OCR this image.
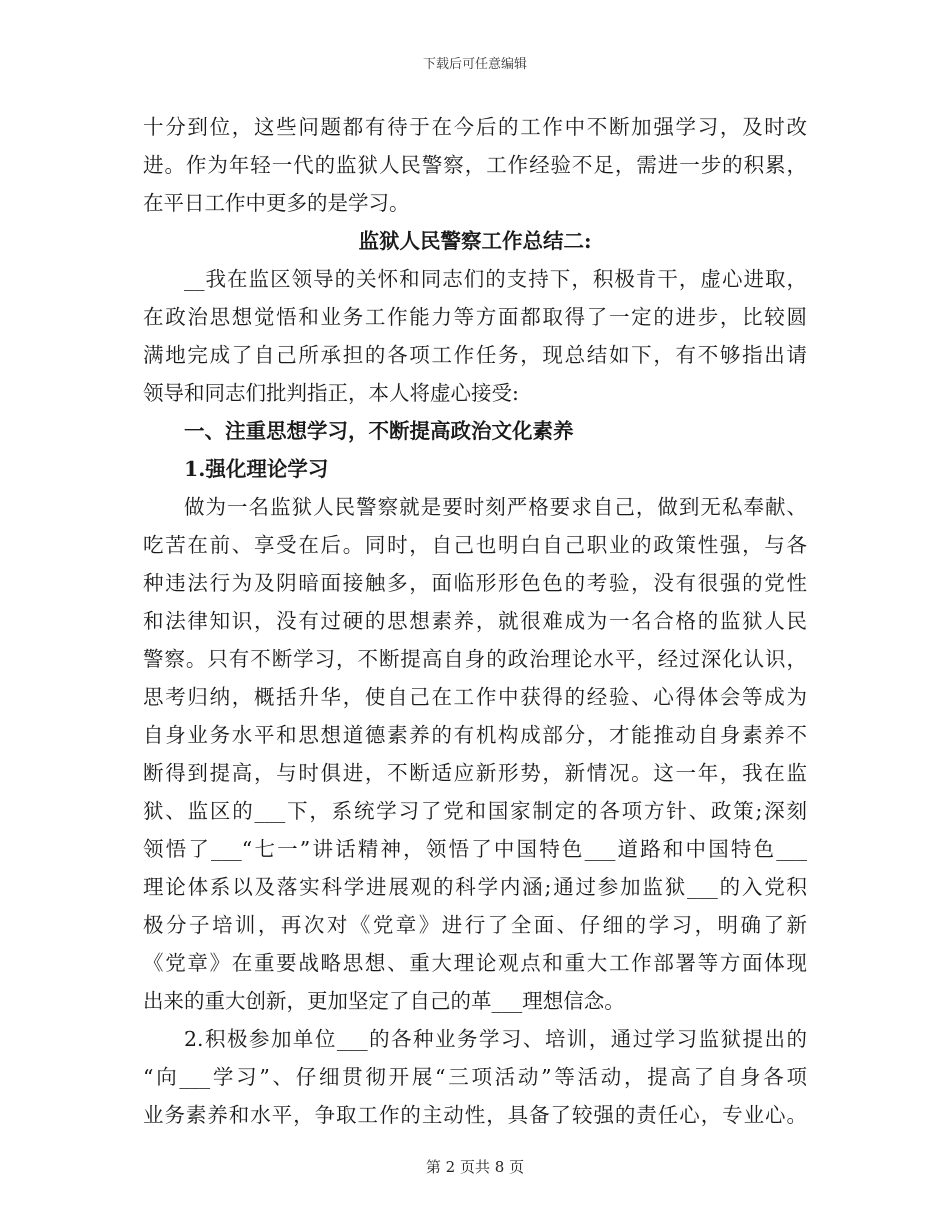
下载后可任意编辑
十分到位，这些问题都有待于在今后的工作中不断加强学习，及时改
进。作为年轻一代的监狱人民警察，工作经验不足，需进一步的积累，
在平日工作中更多的是学习。
监狱人民警察工作总结二:
__我在监区领导的关怀和同志们的支持下，积极肯干，虚心进取，
在政治思想觉悟和业务工作能力等方面都取得了一定的进步，比较圆
满地完成了自己所承担的各项工作任务，现总结如下，有不够指出请
领导和同志们批判指正，本人将虚心接受:
一、注重思想学习，不断提高政治文化素养
1.强化理论学习
做为一名监狱人民警察就是要时刻严格要求自己，做到无私奉献、
吃苦在前、享受在后。同时，自己也明白自己职业的政策性强，与各
种违法行为及阴暗面接触多，面临形形色色的考验，没有很强的党性
和法律知识，没有过硬的思想素养，就很难成为一名合格的监狱人民
警察。只有不断学习，不断提高自身的政治理论水平，经过深化认识，
思考归纳，概括升华，使自己在工作中获得的经验、心得体会等成为
自身业务水平和思想道德素养的有机构成部分，才能推动自身素养不
断得到提高，与时俱进，不断适应新形势，新情况。这一年，我在监
狱、监区的___下，系统学习了党和国家制定的各项方针、政策;深刻
领悟了___“七一”讲话精神，领悟了中国特色___道路和中国特色___
理论体系以及落实科学进展观的科学内涵;通过参加监狱___的入党积
极分子培训，再次对《党章》进行了全面、仔细的学习，明确了新
《党章》在重要战略思想、重大理论观点和重大工作部署等方面体现
出来的重大创新，更加坚定了自己的革___理想信念。
2.积极参加单位___的各种业务学习、培训，通过学习监狱提出的
“向___学习”、仔细贯彻开展“三项活动”等活动，提高了自身各项
业务素养和水平，争取工作的主动性，具备了较强的责任心，专业心。
第 2 页共 8 页
